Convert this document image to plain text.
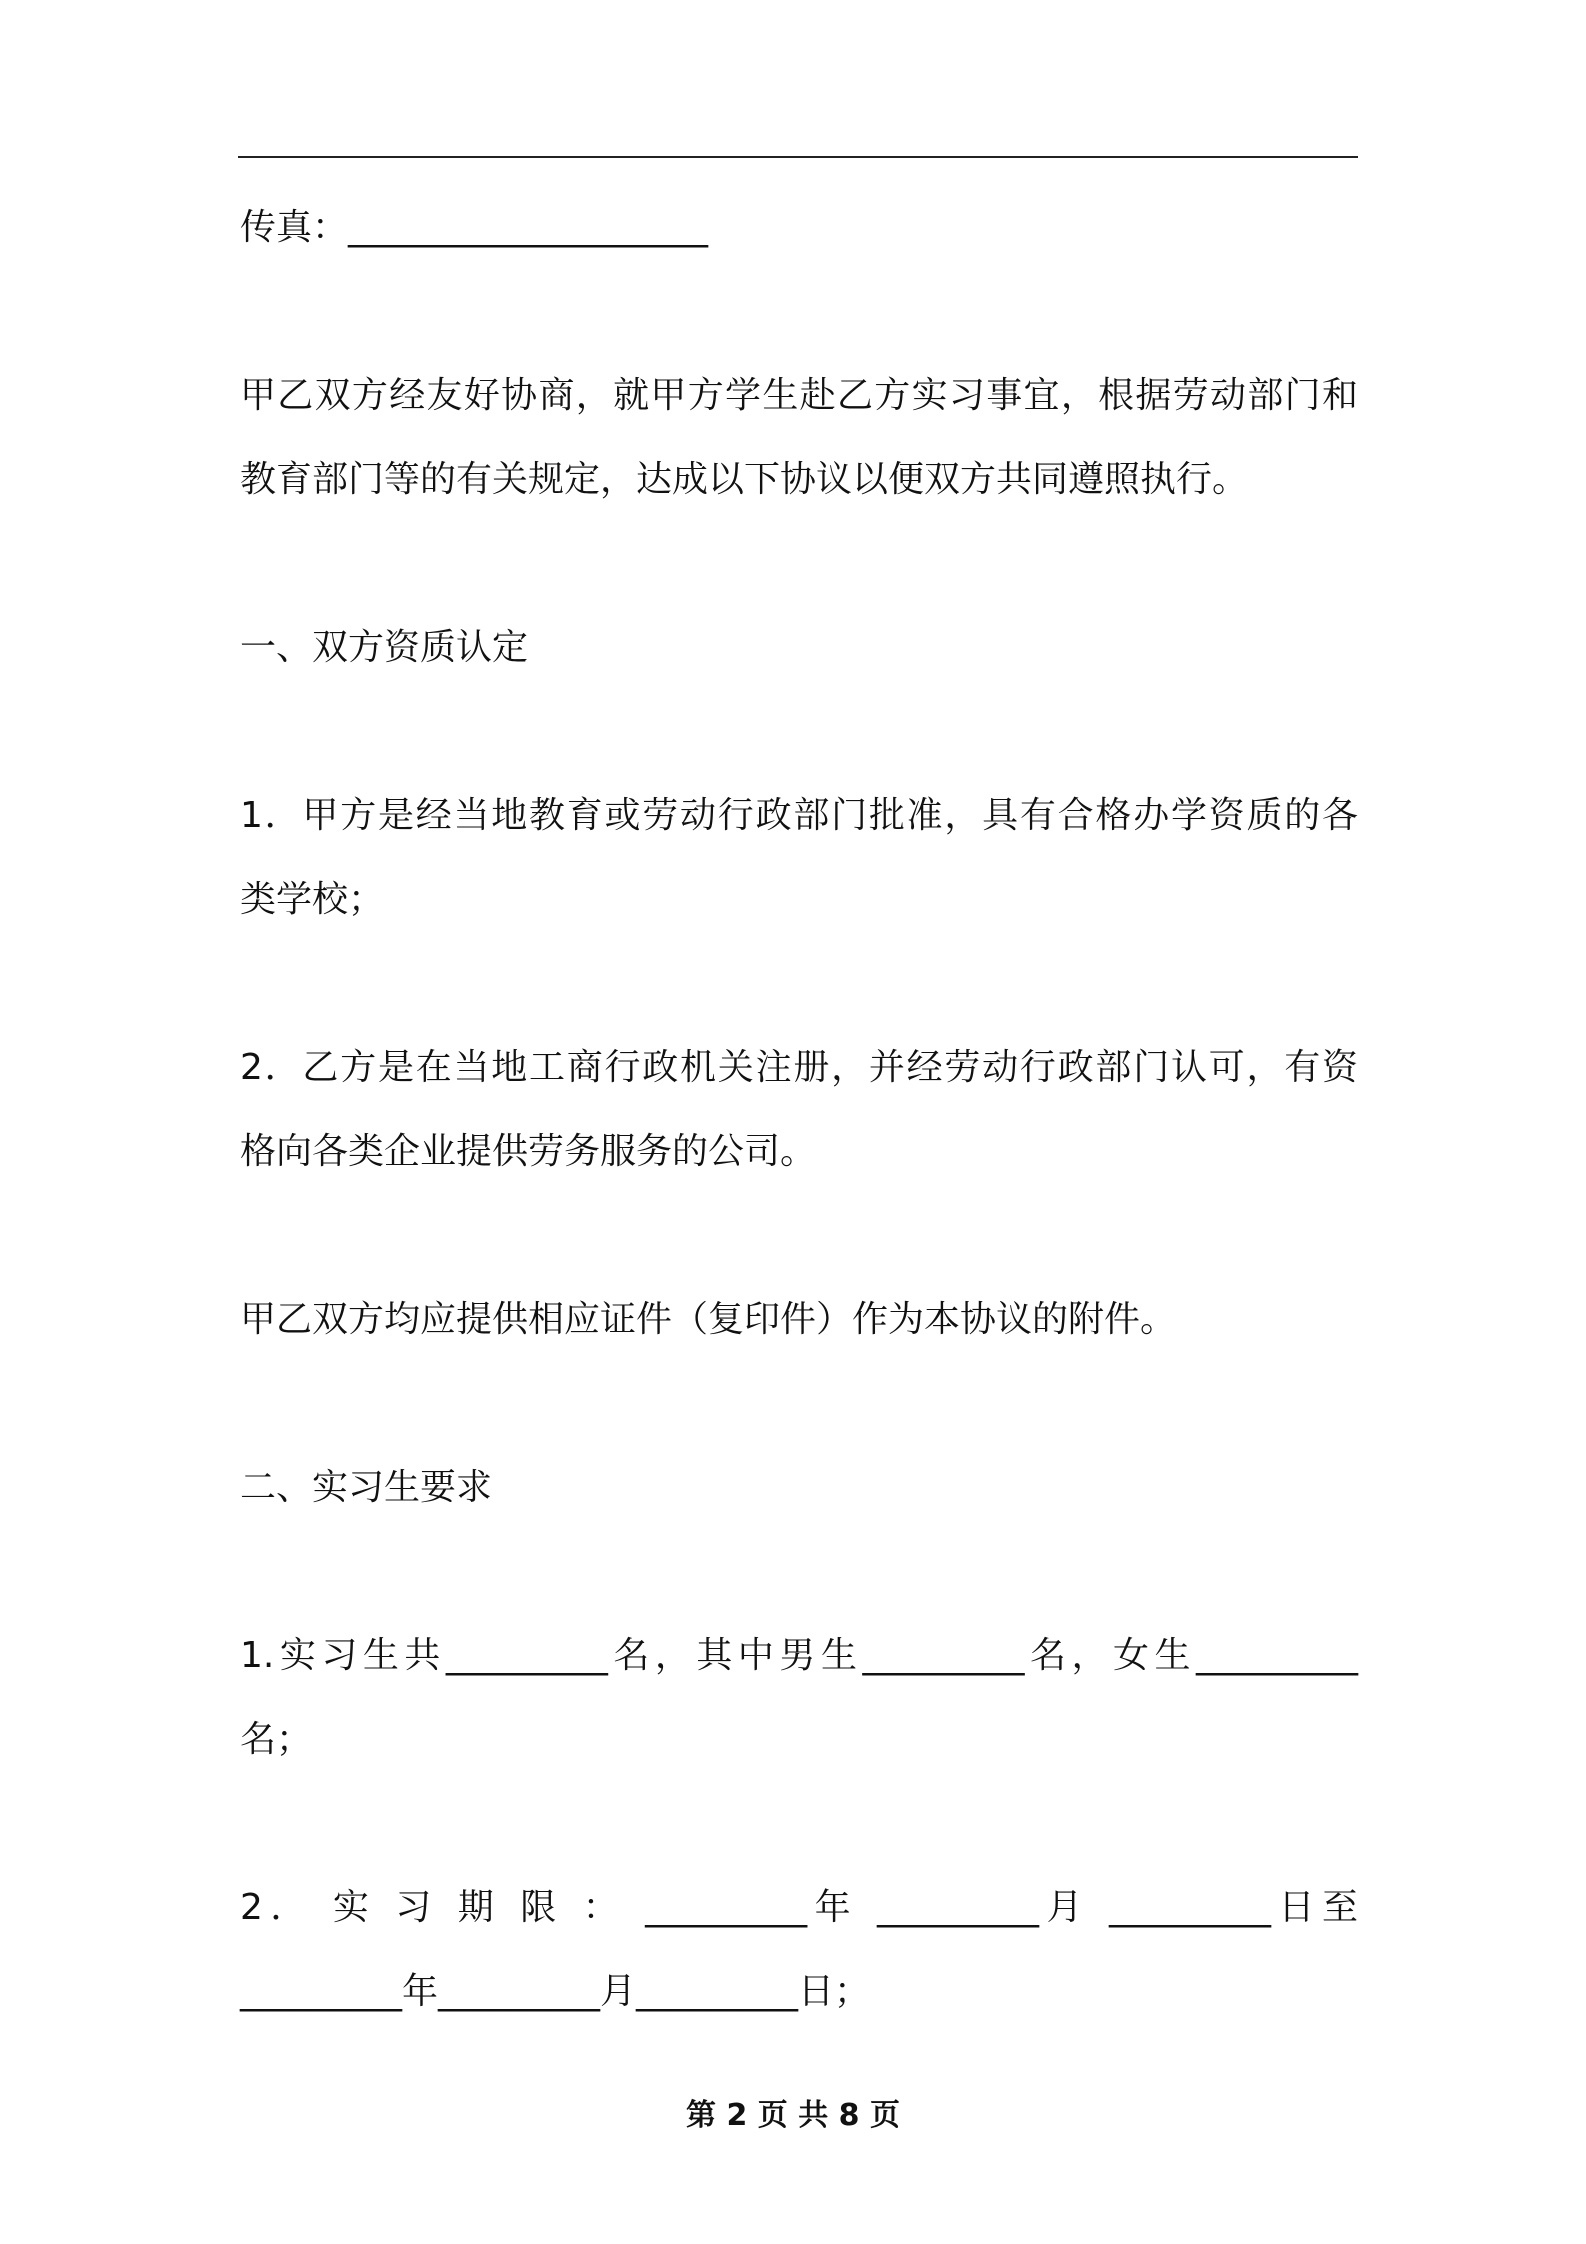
传真：____________________
甲乙双方经友好协商，就甲方学生赴乙方实习事宜，根据劳动部门和
教育部门等的有关规定，达成以下协议以便双方共同遵照执行。
一、双方资质认定
1．甲方是经当地教育或劳动行政部门批准，具有合格办学资质的各
类学校；
2．乙方是在当地工商行政机关注册，并经劳动行政部门认可，有资
格向各类企业提供劳务服务的公司。
甲乙双方均应提供相应证件（复印件）作为本协议的附件。
二、实习生要求
1.实习生共_________名，其中男生_________名，女生_________
名；
2． 实 习 期 限 ： _________年 _________月 _________日至
_________年_________月_________日；
第 2 页 共 8 页
